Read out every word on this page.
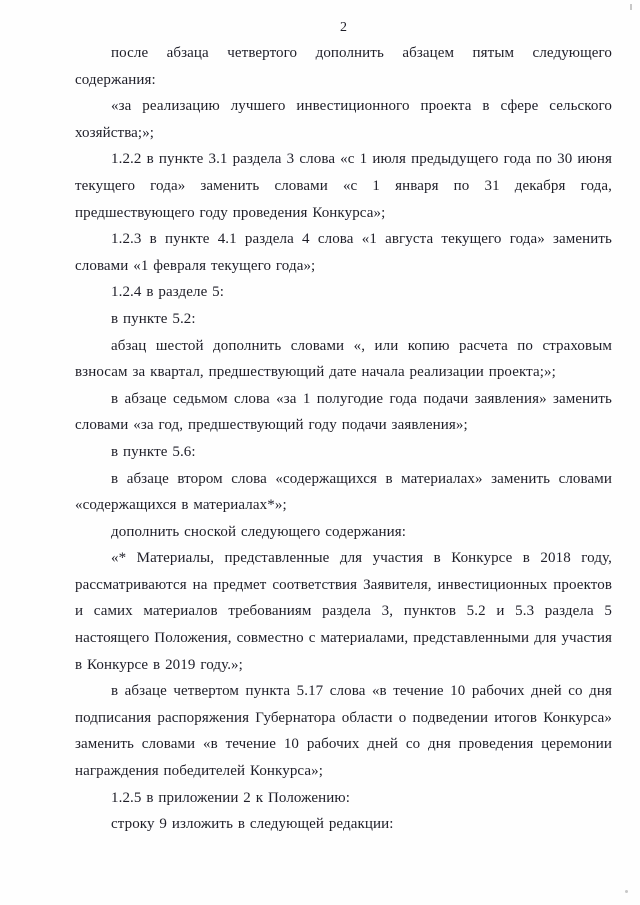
2

после абзаца четвертого дополнить абзацем пятым следующего содержания:

«за реализацию лучшего инвестиционного проекта в сфере сельского хозяйства;»;

1.2.2 в пункте 3.1 раздела 3 слова «с 1 июля предыдущего года по 30 июня текущего года» заменить словами «с 1 января по 31 декабря года, предшествующего году проведения Конкурса»;

1.2.3 в пункте 4.1 раздела 4 слова «1 августа текущего года» заменить словами «1 февраля текущего года»;

1.2.4 в разделе 5:

в пункте 5.2:

абзац шестой дополнить словами «, или копию расчета по страховым взносам за квартал, предшествующий дате начала реализации проекта;»;

в абзаце седьмом слова «за 1 полугодие года подачи заявления» заменить словами «за год, предшествующий году подачи заявления»;

в пункте 5.6:

в абзаце втором слова «содержащихся в материалах» заменить словами «содержащихся в материалах*»;

дополнить сноской следующего содержания:

«* Материалы, представленные для участия в Конкурсе в 2018 году, рассматриваются на предмет соответствия Заявителя, инвестиционных проектов и самих материалов требованиям раздела 3, пунктов 5.2 и 5.3 раздела 5 настоящего Положения, совместно с материалами, представленными для участия в Конкурсе в 2019 году.»;

в абзаце четвертом пункта 5.17 слова «в течение 10 рабочих дней со дня подписания распоряжения Губернатора области о подведении итогов Конкурса» заменить словами «в течение 10 рабочих дней со дня проведения церемонии награждения победителей Конкурса»;

1.2.5 в приложении 2 к Положению:

строку 9 изложить в следующей редакции:
